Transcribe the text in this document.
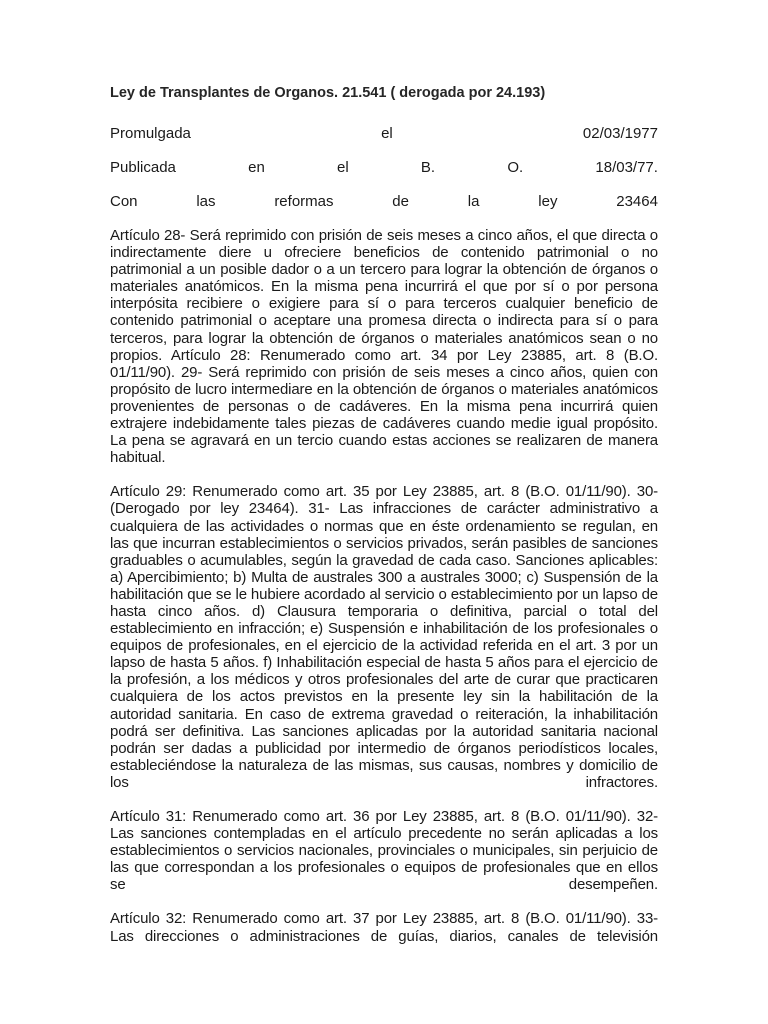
Ley de Transplantes de Organos. 21.541 ( derogada por 24.193)
Promulgada	el	02/03/1977
Publicada	en	el	B.	O.	18/03/77.
Con	las	reformas	de	la	ley	23464

Artículo 28- Será reprimido con prisión de seis meses a cinco años, el que directa o indirectamente diere u ofreciere beneficios de contenido patrimonial o no patrimonial a un posible dador o a un tercero para lograr la obtención de órganos o materiales anatómicos. En la misma pena incurrirá el que por sí o por persona interpósita recibiere o exigiere para sí o para terceros cualquier beneficio de contenido patrimonial o aceptare una promesa directa o indirecta para sí o para terceros, para lograr la obtención de órganos o materiales anatómicos sean o no propios. Artículo 28: Renumerado como art. 34 por Ley 23885, art. 8 (B.O. 01/11/90). 29- Será reprimido con prisión de seis meses a cinco años, quien con propósito de lucro intermediare en la obtención de órganos o materiales anatómicos provenientes de personas o de cadáveres. En la misma pena incurrirá quien extrajere indebidamente tales piezas de cadáveres cuando medie igual propósito. La pena se agravará en un tercio cuando estas acciones se realizaren de manera habitual.

Artículo 29: Renumerado como art. 35 por Ley 23885, art. 8 (B.O. 01/11/90). 30- (Derogado por ley 23464). 31- Las infracciones de carácter administrativo a cualquiera de las actividades o normas que en éste ordenamiento se regulan, en las que incurran establecimientos o servicios privados, serán pasibles de sanciones graduables o acumulables, según la gravedad de cada caso. Sanciones aplicables: a) Apercibimiento; b) Multa de australes 300 a australes 3000; c) Suspensión de la habilitación que se le hubiere acordado al servicio o establecimiento por un lapso de hasta cinco años. d) Clausura temporaria o definitiva, parcial o total del establecimiento en infracción; e) Suspensión e inhabilitación de los profesionales o equipos de profesionales, en el ejercicio de la actividad referida en el art. 3 por un lapso de hasta 5 años. f) Inhabilitación especial de hasta 5 años para el ejercicio de la profesión, a los médicos y otros profesionales del arte de curar que practicaren cualquiera de los actos previstos en la presente ley sin la habilitación de la autoridad sanitaria. En caso de extrema gravedad o reiteración, la inhabilitación podrá ser definitiva. Las sanciones aplicadas por la autoridad sanitaria nacional podrán ser dadas a publicidad por intermedio de órganos periodísticos locales, estableciéndose la naturaleza de las mismas, sus causas, nombres y domicilio de los infractores.

Artículo 31: Renumerado como art. 36 por Ley 23885, art. 8 (B.O. 01/11/90). 32- Las sanciones contempladas en el artículo precedente no serán aplicadas a los establecimientos o servicios nacionales, provinciales o municipales, sin perjuicio de las que correspondan a los profesionales o equipos de profesionales que en ellos se desempeñen.

Artículo 32: Renumerado como art. 37 por Ley 23885, art. 8 (B.O. 01/11/90). 33- Las direcciones o administraciones de guías, diarios, canales de televisión
